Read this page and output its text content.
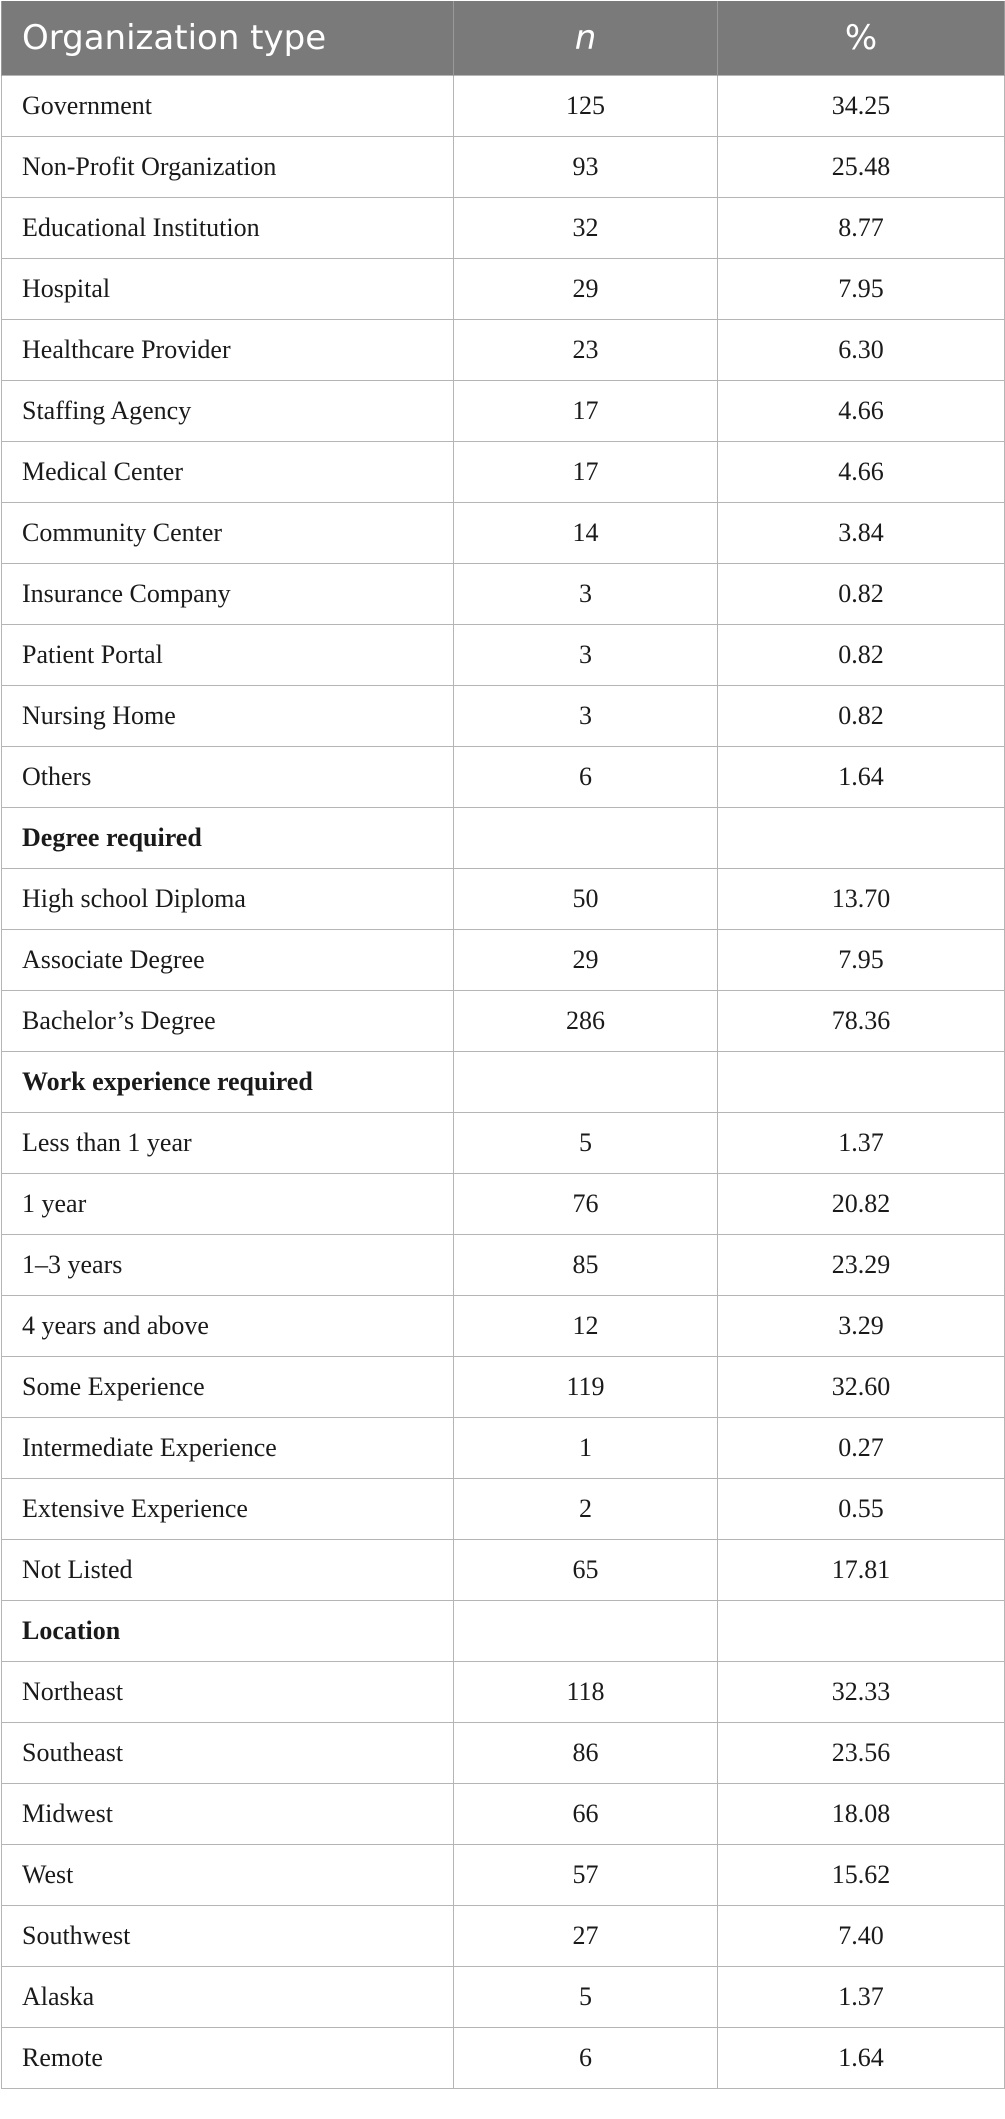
Organization type	n	%
Government	125	34.25
Non-Profit Organization	93	25.48
Educational Institution	32	8.77
Hospital	29	7.95
Healthcare Provider	23	6.30
Staffing Agency	17	4.66
Medical Center	17	4.66
Community Center	14	3.84
Insurance Company	3	0.82
Patient Portal	3	0.82
Nursing Home	3	0.82
Others	6	1.64
Degree required		
High school Diploma	50	13.70
Associate Degree	29	7.95
Bachelor’s Degree	286	78.36
Work experience required		
Less than 1 year	5	1.37
1 year	76	20.82
1–3 years	85	23.29
4 years and above	12	3.29
Some Experience	119	32.60
Intermediate Experience	1	0.27
Extensive Experience	2	0.55
Not Listed	65	17.81
Location		
Northeast	118	32.33
Southeast	86	23.56
Midwest	66	18.08
West	57	15.62
Southwest	27	7.40
Alaska	5	1.37
Remote	6	1.64
